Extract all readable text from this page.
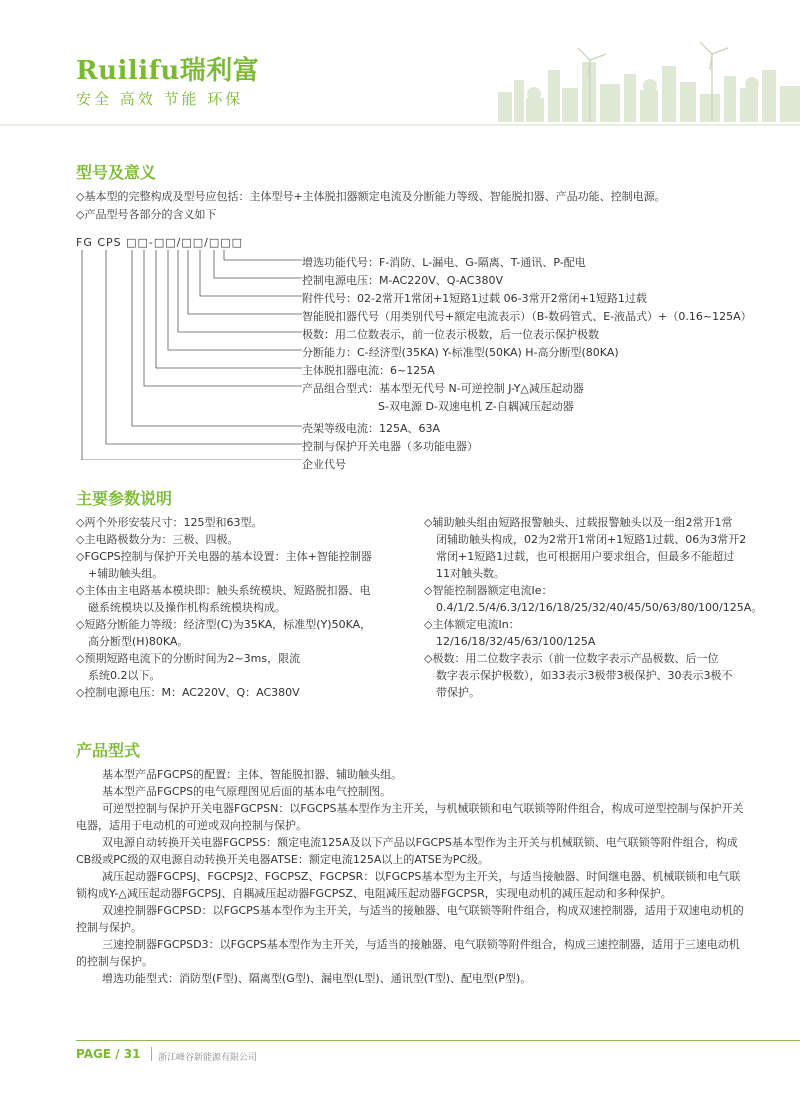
Ruilifu瑞利富
安全 高效 节能 环保
型号及意义
◇基本型的完整构成及型号应包括：主体型号+主体脱扣器额定电流及分断能力等级、智能脱扣器、产品功能、控制电源。
◇产品型号各部分的含义如下
FG CPS □□-□□/□□/□□□
增选功能代号：F-消防、L-漏电、G-隔离、T-通讯、P-配电
控制电源电压：M-AC220V、Q-AC380V
附件代号：02-2常开1常闭+1短路1过载 06-3常开2常闭+1短路1过载
智能脱扣器代号（用类别代号+额定电流表示）（B-数码管式、E-液晶式）+（0.16~125A）
极数：用二位数表示，前一位表示极数，后一位表示保护极数
分断能力：C-经济型(35KA) Y-标准型(50KA) H-高分断型(80KA)
主体脱扣器电流：6~125A
产品组合型式：基本型无代号 N-可逆控制 J-Y△减压起动器
S-双电源 D-双速电机 Z-自耦减压起动器
壳架等级电流：125A、63A
控制与保护开关电器（多功能电器）
企业代号
主要参数说明
◇两个外形安装尺寸：125型和63型。
◇主电路极数分为：三极、四极。
◇FGCPS控制与保护开关电器的基本设置：主体+智能控制器
+辅助触头组。
◇主体由主电路基本模块即：触头系统模块、短路脱扣器、电
磁系统模块以及操作机构系统模块构成。
◇短路分断能力等级：经济型(C)为35KA，标准型(Y)50KA，
高分断型(H)80KA。
◇预期短路电流下的分断时间为2~3ms，限流
系统0.2以下。
◇控制电源电压：M：AC220V、Q：AC380V
◇辅助触头组由短路报警触头、过载报警触头以及一组2常开1常
闭辅助触头构成，02为2常开1常闭+1短路1过载、06为3常开2
常闭+1短路1过载，也可根据用户要求组合，但最多不能超过
11对触头数。
◇智能控制器额定电流Ie：
0.4/1/2.5/4/6.3/12/16/18/25/32/40/45/50/63/80/100/125A。
◇主体额定电流In：
12/16/18/32/45/63/100/125A
◇极数：用二位数字表示（前一位数字表示产品极数、后一位
数字表示保护极数），如33表示3极带3极保护、30表示3极不
带保护。
产品型式
基本型产品FGCPS的配置：主体、智能脱扣器、辅助触头组。
基本型产品FGCPS的电气原理图见后面的基本电气控制图。
可逆型控制与保护开关电器FGCPSN：以FGCPS基本型作为主开关，与机械联锁和电气联锁等附件组合，构成可逆型控制与保护开关电器，适用于电动机的可逆或双向控制与保护。
双电源自动转换开关电器FGCPSS：额定电流125A及以下产品以FGCPS基本型作为主开关与机械联锁、电气联锁等附件组合，构成CB级或PC级的双电源自动转换开关电器ATSE：额定电流125A以上的ATSE为PC级。
减压起动器FGCPSJ、FGCPSJ2、FGCPSZ、FGCPSR：以FGCPS基本型为主开关，与适当接触器、时间继电器、机械联锁和电气联锁构成Y-△减压起动器FGCPSJ、自耦减压起动器FGCPSZ、电阻减压起动器FGCPSR，实现电动机的减压起动和多种保护。
双速控制器FGCPSD：以FGCPS基本型作为主开关，与适当的接触器、电气联锁等附件组合，构成双速控制器，适用于双速电动机的控制与保护。
三速控制器FGCPSD3：以FGCPS基本型作为主开关，与适当的接触器、电气联锁等附件组合，构成三速控制器，适用于三速电动机的控制与保护。
增选功能型式：消防型(F型)、隔离型(G型)、漏电型(L型)、通讯型(T型)、配电型(P型)。
PAGE / 31 浙江峰谷新能源有限公司
